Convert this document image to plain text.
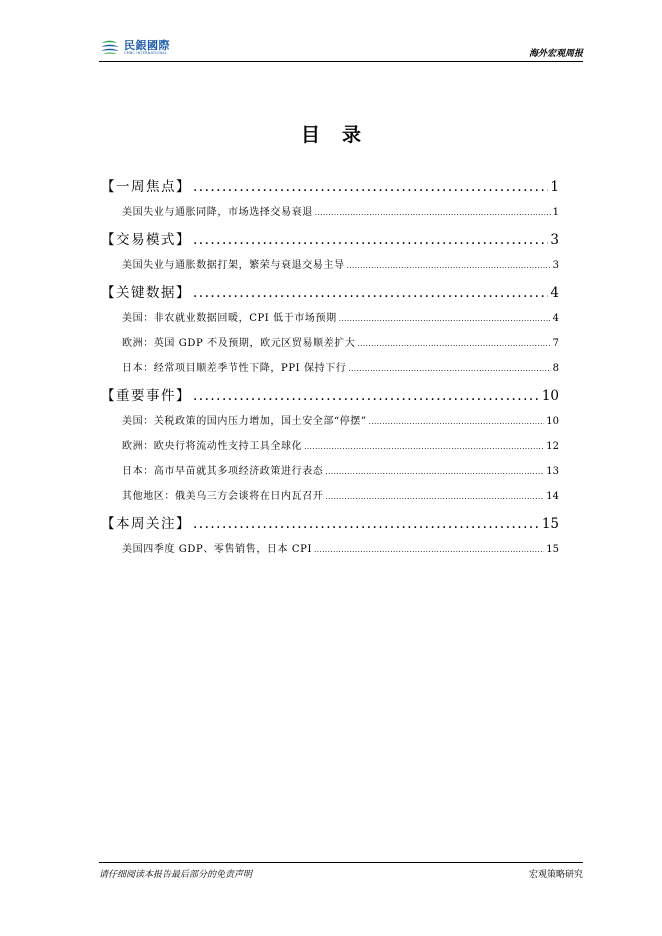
民銀國際
CMBC INTERNATIONAL	海外宏观周报
目录
【一周焦点】 .....	1
美国失业与通胀同降，市场选择交易衰退 .....	1
【交易模式】 .....	3
美国失业与通胀数据打架，繁荣与衰退交易主导 .....	3
【关键数据】 .....	4
美国：非农就业数据回暖，CPI 低于市场预期 .....	4
欧洲：英国 GDP 不及预期，欧元区贸易顺差扩大 .....	7
日本：经常项目顺差季节性下降，PPI 保持下行 .....	8
【重要事件】 .....	10
美国：关税政策的国内压力增加，国土安全部“停摆” .....	10
欧洲：欧央行将流动性支持工具全球化 .....	12
日本：高市早苗就其多项经济政策进行表态 .....	13
其他地区：俄美乌三方会谈将在日内瓦召开 .....	14
【本周关注】 .....	15
美国四季度 GDP、零售销售，日本 CPI .....	15
请仔细阅读本报告最后部分的免责声明	宏观策略研究
